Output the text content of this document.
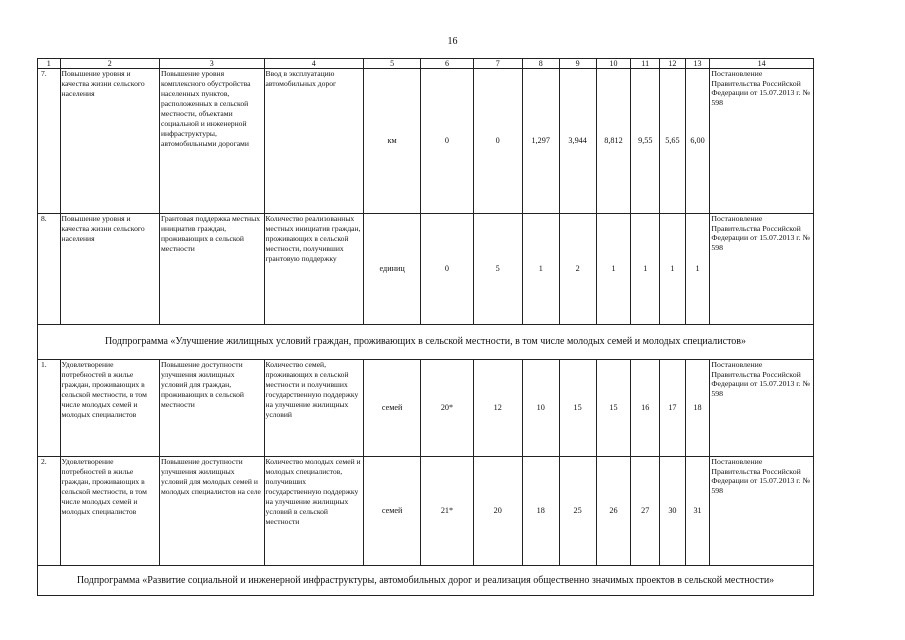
16
1	2	3	4	5	6	7	8	9	10	11	12	13	14
7.	Повышение уровня и качества жизни сельского населения	Повышение уровня комплексного обустройства населенных пунктов, расположенных в сельской местности, объектами социальной и инженерной инфраструктуры, автомобильными дорогами	Ввод в эксплуатацию автомобильных дорог	км	0	0	1,297	3,944	8,812	9,55	5,65	6,00	Постановление Правительства Российской Федерации от 15.07.2013 г. № 598
8.	Повышение уровня и качества жизни сельского населения	Грантовая поддержка местных инициатив граждан, проживающих в сельской местности	Количество реализованных местных инициатив граждан, проживающих в сельской местности, получивших грантовую поддержку	единиц	0	5	1	2	1	1	1	1	Постановление Правительства Российской Федерации от 15.07.2013 г. № 598
Подпрограмма «Улучшение жилищных условий граждан, проживающих в сельской местности, в том числе молодых семей и молодых специалистов»													
1.	Удовлетворение потребностей в жилье граждан, проживающих в сельской местности, в том числе молодых семей и молодых специалистов	Повышение доступности улучшения жилищных условий для граждан, проживающих в сельской местности	Количество семей, проживающих в сельской местности и получивших государственную поддержку на улучшение жилищных условий	семей	20*	12	10	15	15	16	17	18	Постановление Правительства Российской Федерации от 15.07.2013 г. № 598
2.	Удовлетворение потребностей в жилье граждан, проживающих в сельской местности, в том числе молодых семей и молодых специалистов	Повышение доступности улучшения жилищных условий для молодых семей и молодых специалистов на селе	Количество молодых семей и молодых специалистов, получивших государственную поддержку на улучшение жилищных условий в сельской местности	семей	21*	20	18	25	26	27	30	31	Постановление Правительства Российской Федерации от 15.07.2013 г. № 598
Подпрограмма «Развитие социальной и инженерной инфраструктуры, автомобильных дорог и реализация общественно значимых проектов в сельской местности»													
